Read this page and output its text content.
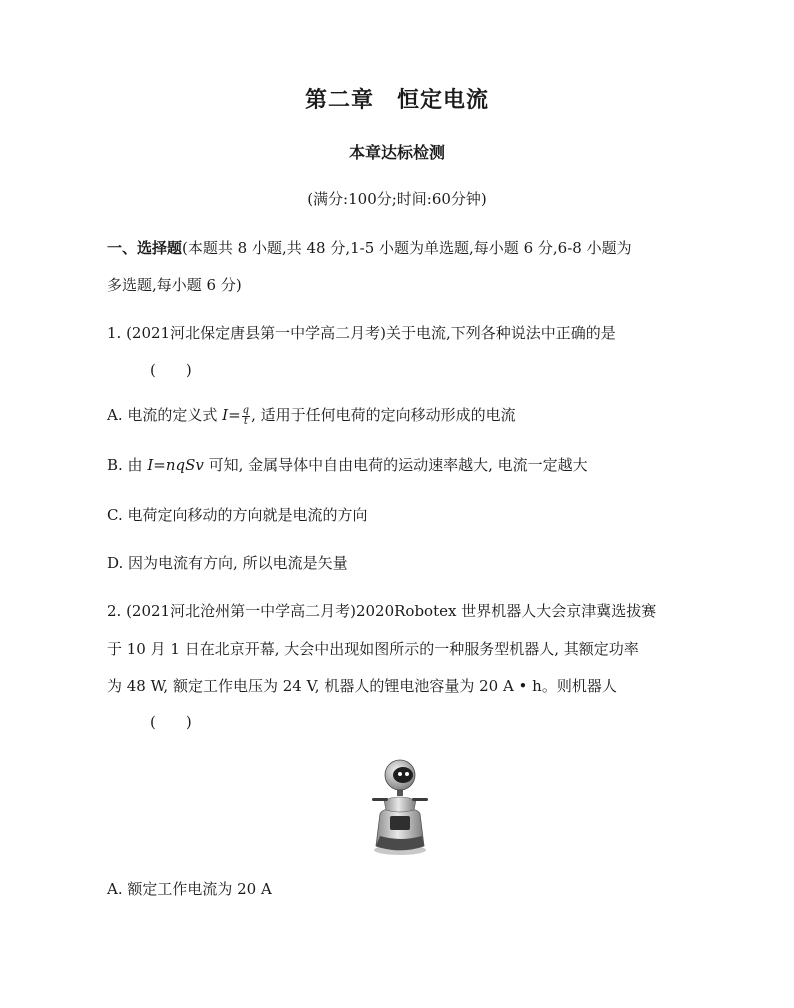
第二章　恒定电流
本章达标检测
(满分:100分;时间:60分钟)
一、选择题(本题共 8 小题,共 48 分,1-5 小题为单选题,每小题 6 分,6-8 小题为
多选题,每小题 6 分)
1. (2021河北保定唐县第一中学高二月考)关于电流,下列各种说法中正确的是
(　　)
A. 电流的定义式 $I= \frac{q}{t}$ , 适用于任何电荷的定向移动形成的电流
B. 由 I=nqSv 可知, 金属导体中自由电荷的运动速率越大, 电流一定越大
C. 电荷定向移动的方向就是电流的方向
D. 因为电流有方向, 所以电流是矢量
2. (2021河北沧州第一中学高二月考)2020Robotex 世界机器人大会京津冀选拔赛
于 10 月 1 日在北京开幕, 大会中出现如图所示的一种服务型机器人, 其额定功率
为 48 W, 额定工作电压为 24 V, 机器人的锂电池容量为 20 A • h。则机器人
(　　)
A. 额定工作电流为 20 A
